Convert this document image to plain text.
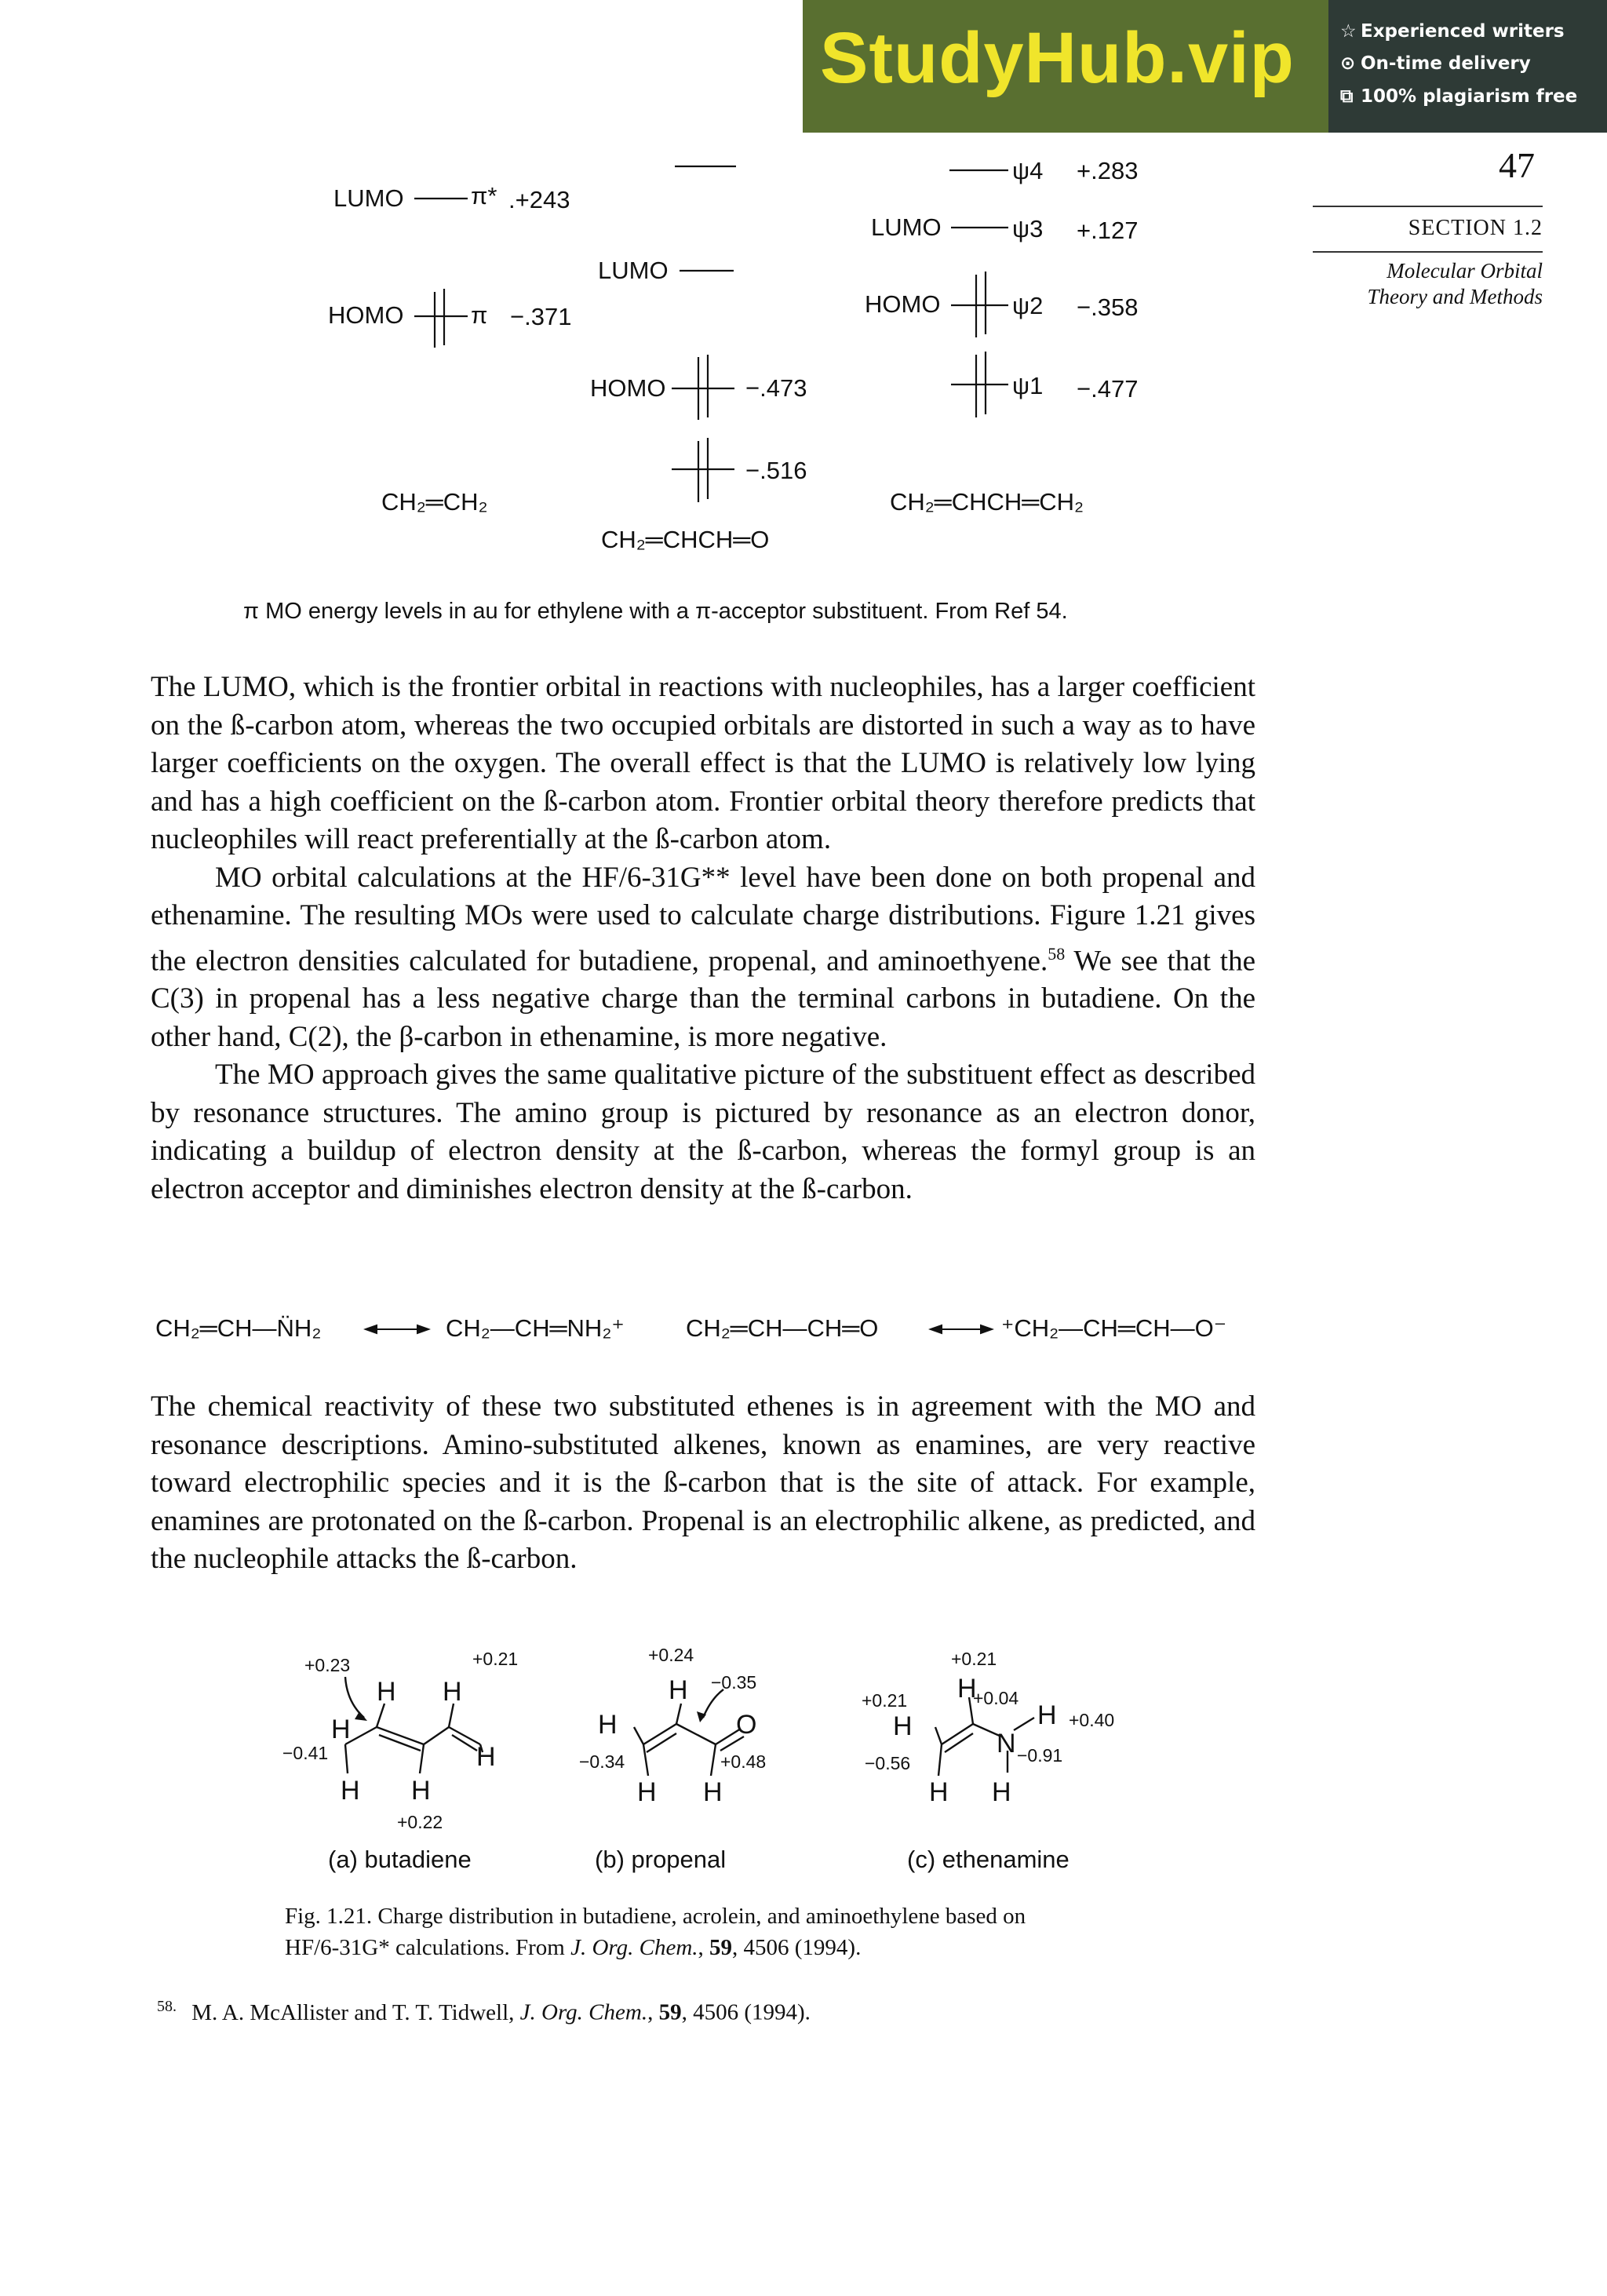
StudyHub.vip	☆ Experienced writers
⊙ On-time delivery
⧉ 100% plagiarism free
47
SECTION 1.2
Molecular Orbital
Theory and Methods
LUMO	π* .+243
HOMO	π −.371
CH₂═CH₂
LUMO
HOMO	−.473
−.516
CH₂═CHCH═O
ψ4 +.283
LUMO	ψ3 +.127
HOMO	ψ2 −.358
ψ1 −.477
CH₂═CHCH═CH₂
π MO energy levels in au for ethylene with a π-acceptor substituent. From Ref 54.

The LUMO, which is the frontier orbital in reactions with nucleophiles, has a larger coefficient on the ß-carbon atom, whereas the two occupied orbitals are distorted in such a way as to have larger coefficients on the oxygen. The overall effect is that the LUMO is relatively low lying and has a high coefficient on the ß-carbon atom. Frontier orbital theory therefore predicts that nucleophiles will react preferentially at the ß-carbon atom.

MO orbital calculations at the HF/6-31G** level have been done on both propenal and ethenamine. The resulting MOs were used to calculate charge distributions. Figure 1.21 gives the electron densities calculated for butadiene, propenal, and aminoethyene.$^{58}$ We see that the C(3) in propenal has a less negative charge than the terminal carbons in butadiene. On the other hand, C(2), the β-carbon in ethenamine, is more negative.

The MO approach gives the same qualitative picture of the substituent effect as described by resonance structures. The amino group is pictured by resonance as an electron donor, indicating a buildup of electron density at the ß-carbon, whereas the formyl group is an electron acceptor and diminishes electron density at the ß-carbon.

CH₂═CH—N̈H₂	CH₂—CH═NH₂⁺	CH₂═CH—CH═O	⁺CH₂—CH═CH—O⁻

The chemical reactivity of these two substituted ethenes is in agreement with the MO and resonance descriptions. Amino-substituted alkenes, known as enamines, are very reactive toward electrophilic species and it is the ß-carbon that is the site of attack. For example, enamines are protonated on the ß-carbon. Propenal is an electrophilic alkene, as predicted, and the nucleophile attacks the ß-carbon.

H
H H
H
H H
H
H
O
H H
H
H
N
H
H H
+0.23	+0.21
−0.41
+0.22
+0.24
−0.35
−0.34	+0.48
+0.21
+0.21	+0.04
+0.40
−0.56	−0.91
(a) butadiene	(b) propenal	(c) ethenamine
Fig. 1.21. Charge distribution in butadiene, acrolein, and aminoethylene based on
HF/6-31G* calculations. From J. Org. Chem., 59, 4506 (1994).
$^{58.}$ M. A. McAllister and T. T. Tidwell, J. Org. Chem., 59, 4506 (1994).
